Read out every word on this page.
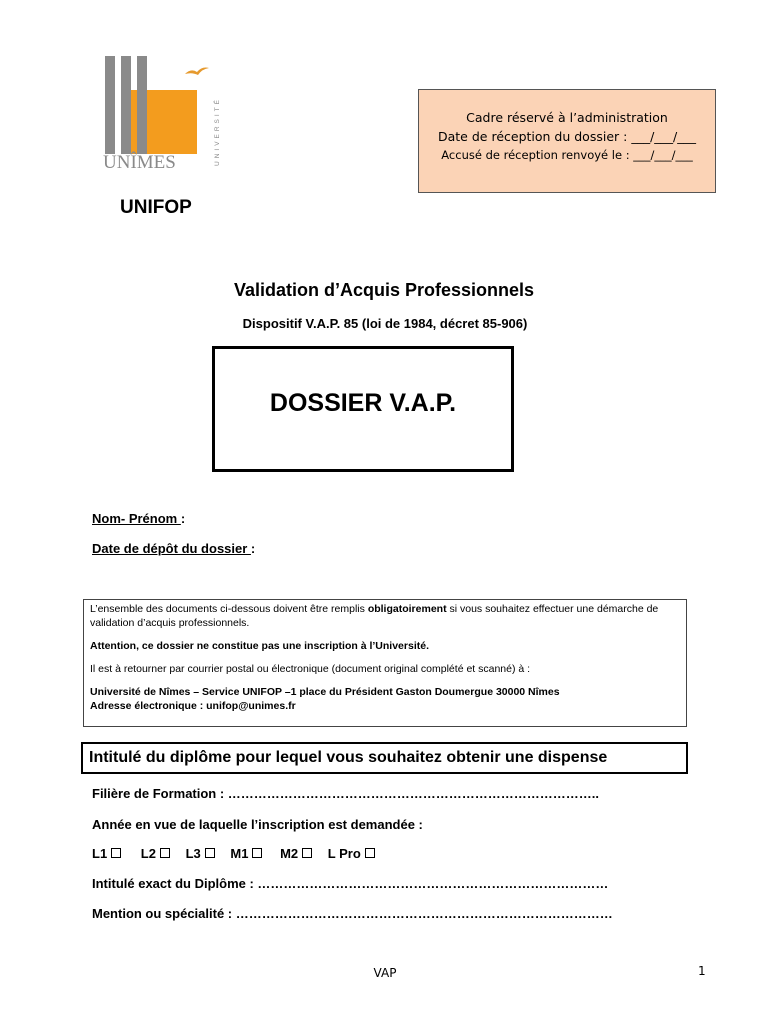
UNÎMES	UNIVERSITÉ	Cadre réservé à l’administration
Date de réception du dossier : ___/___/___
Accusé de réception renvoyé le : ___/___/___
UNIFOP
Validation d’Acquis Professionnels
Dispositif V.A.P. 85 (loi de 1984, décret 85-906)
DOSSIER V.A.P.
Nom- Prénom :
Date de dépôt du dossier :

L’ensemble des documents ci-dessous doivent être remplis obligatoirement si vous souhaitez effectuer une démarche de validation d’acquis professionnels.

Attention, ce dossier ne constitue pas une inscription à l’Université.

Il est à retourner par courrier postal ou électronique (document original complété et scanné) à :

Université de Nîmes – Service UNIFOP –1 place du Président Gaston Doumergue 30000 Nîmes

Adresse électronique : unifop@unimes.fr

Intitulé du diplôme pour lequel vous souhaitez obtenir une dispense
Filière de Formation : …………………………………………………………………………..
Année en vue de laquelle l’inscription est demandée :
L1	L2 L3 M1 M2 L Pro
Intitulé exact du Diplôme : ………………………………………………………………………
Mention ou spécialité : ……………………………………………………………………………
VAP	1
